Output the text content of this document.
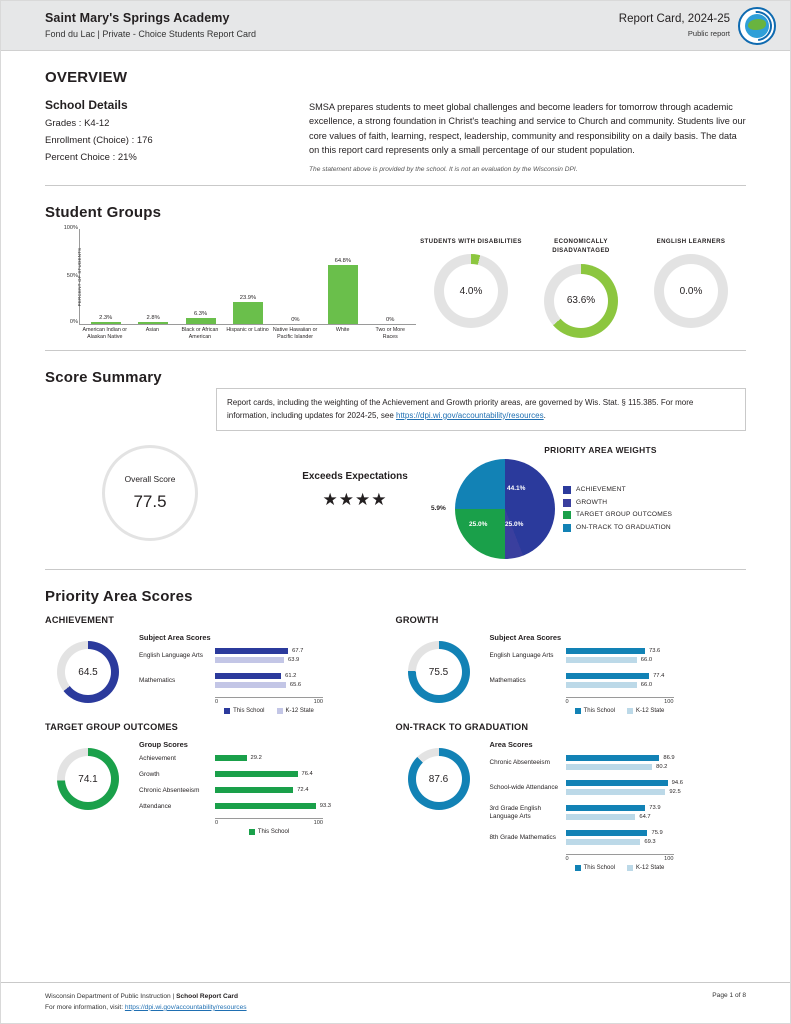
Saint Mary's Springs Academy
Fond du Lac | Private - Choice Students Report Card
Report Card, 2024-25
Public report
OVERVIEW
School Details
Grades : K4-12
Enrollment (Choice) : 176
Percent Choice : 21%
SMSA prepares students to meet global challenges and become leaders for tomorrow through academic excellence, a strong foundation in Christ's teaching and service to Church and community. Students live our core values of faith, learning, respect, leadership, community and responsibility on a daily basis. The data on this report card represents only a small percentage of our student population.
The statement above is provided by the school. It is not an evaluation by the Wisconsin DPI.
Student Groups
PERCENT OF STUDENTS
100%
50%
0%
2.3%	2.8%
6.3%
23.9%
0%
64.8%
0%
American Indian or Alaskan Native
Asian	Black or African American
Hispanic or Latino Native Hawaiian or Pacific Islander
White	Two or More Races
STUDENTS WITH DISABILITIES
4.0%
ECONOMICALLY DISADVANTAGED
63.6%
ENGLISH LEARNERS
0.0%
Score Summary
Report cards, including the weighting of the Achievement and Growth priority areas, are governed by Wis. Stat. § 115.385. For more information, including updates for 2024-25, see https://dpi.wi.gov/accountability/resources.
Overall Score
77.5
Exceeds Expectations
★★★★
PRIORITY AREA WEIGHTS
44.1%
5.9%
25.0%	25.0%
ACHIEVEMENT
GROWTH
TARGET GROUP OUTCOMES
ON-TRACK TO GRADUATION
Priority Area Scores
ACHIEVEMENT
64.5
Subject Area Scores
English Language Arts
67.7
63.9
Mathematics
61.2
65.6
0	100
This School	K-12 State
GROWTH
75.5
Subject Area Scores
English Language Arts
73.6
66.0
Mathematics
77.4
66.0
0	100
This School	K-12 State
TARGET GROUP OUTCOMES
74.1
Group Scores
Achievement	29.2
Growth	76.4
Chronic Absenteeism	72.4
Attendance	93.3
0	100
This School
ON-TRACK TO GRADUATION
87.6
Area Scores
Chronic Absenteeism
86.9
80.2
School-wide Attendance
94.6
92.5
3rd Grade English Language Arts
73.9
64.7
8th Grade Mathematics
75.9
69.3
0	100
This School	K-12 State
Wisconsin Department of Public Instruction | School Report Card
For more information, visit: https://dpi.wi.gov/accountability/resources
Page 1 of 8
